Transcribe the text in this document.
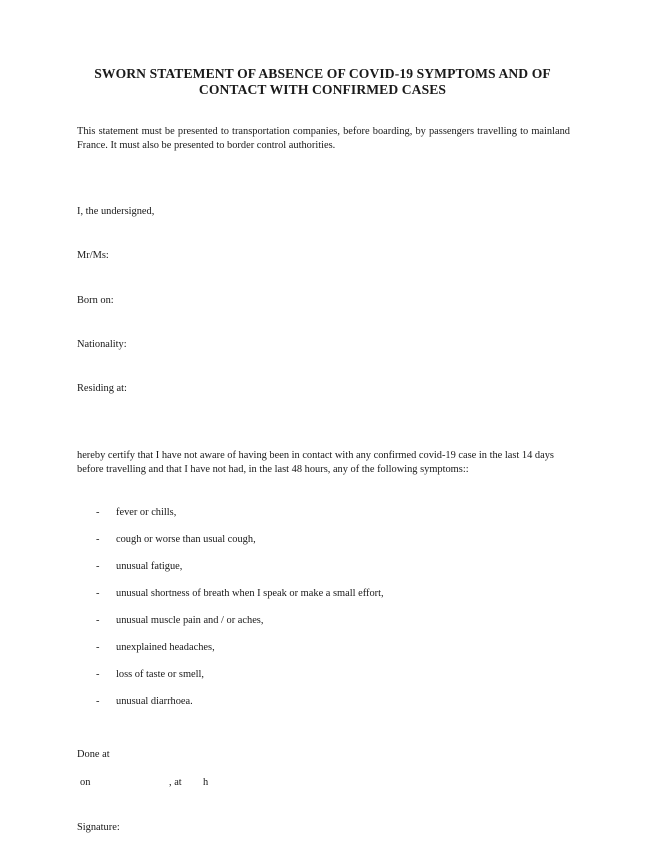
SWORN STATEMENT OF ABSENCE OF COVID-19 SYMPTOMS AND OF CONTACT WITH CONFIRMED CASES
This statement must be presented to transportation companies, before boarding, by passengers travelling to mainland France. It must also be presented to border control authorities.
I, the undersigned,
Mr/Ms:
Born on:
Nationality:
Residing at:
hereby certify that I have not aware of having been in contact with any confirmed covid-19 case in the last 14 days before travelling and that I have not had, in the last 48 hours, any of the following symptoms::
- fever or chills,
- cough or worse than usual cough,
- unusual fatigue,
- unusual shortness of breath when I speak or make a small effort,
- unusual muscle pain and / or aches,
- unexplained headaches,
- loss of taste or smell,
- unusual diarrhoea.
Done at
on	, at h
Signature:
